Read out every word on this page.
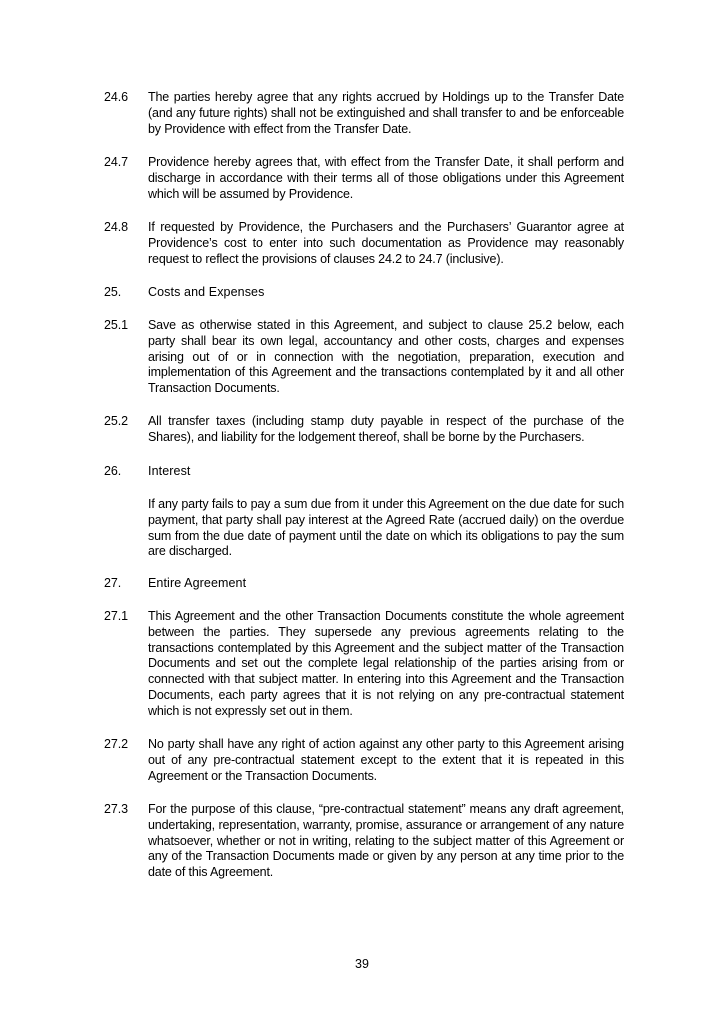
24.6	The parties hereby agree that any rights accrued by Holdings up to the Transfer Date (and any future rights) shall not be extinguished and shall transfer to and be enforceable by Providence with effect from the Transfer Date.
24.7	Providence hereby agrees that, with effect from the Transfer Date, it shall perform and discharge in accordance with their terms all of those obligations under this Agreement which will be assumed by Providence.
24.8	If requested by Providence, the Purchasers and the Purchasers’ Guarantor agree at Providence’s cost to enter into such documentation as Providence may reasonably request to reflect the provisions of clauses 24.2 to 24.7 (inclusive).
25.	Costs and Expenses
25.1	Save as otherwise stated in this Agreement, and subject to clause 25.2 below, each party shall bear its own legal, accountancy and other costs, charges and expenses arising out of or in connection with the negotiation, preparation, execution and implementation of this Agreement and the transactions contemplated by it and all other Transaction Documents.
25.2	All transfer taxes (including stamp duty payable in respect of the purchase of the Shares), and liability for the lodgement thereof, shall be borne by the Purchasers.
26.	Interest
If any party fails to pay a sum due from it under this Agreement on the due date for such payment, that party shall pay interest at the Agreed Rate (accrued daily) on the overdue sum from the due date of payment until the date on which its obligations to pay the sum are discharged.
27.	Entire Agreement
27.1	This Agreement and the other Transaction Documents constitute the whole agreement between the parties. They supersede any previous agreements relating to the transactions contemplated by this Agreement and the subject matter of the Transaction Documents and set out the complete legal relationship of the parties arising from or connected with that subject matter. In entering into this Agreement and the Transaction Documents, each party agrees that it is not relying on any pre-contractual statement which is not expressly set out in them.
27.2	No party shall have any right of action against any other party to this Agreement arising out of any pre-contractual statement except to the extent that it is repeated in this Agreement or the Transaction Documents.
27.3	For the purpose of this clause, “pre-contractual statement” means any draft agreement, undertaking, representation, warranty, promise, assurance or arrangement of any nature whatsoever, whether or not in writing, relating to the subject matter of this Agreement or any of the Transaction Documents made or given by any person at any time prior to the date of this Agreement.
39
